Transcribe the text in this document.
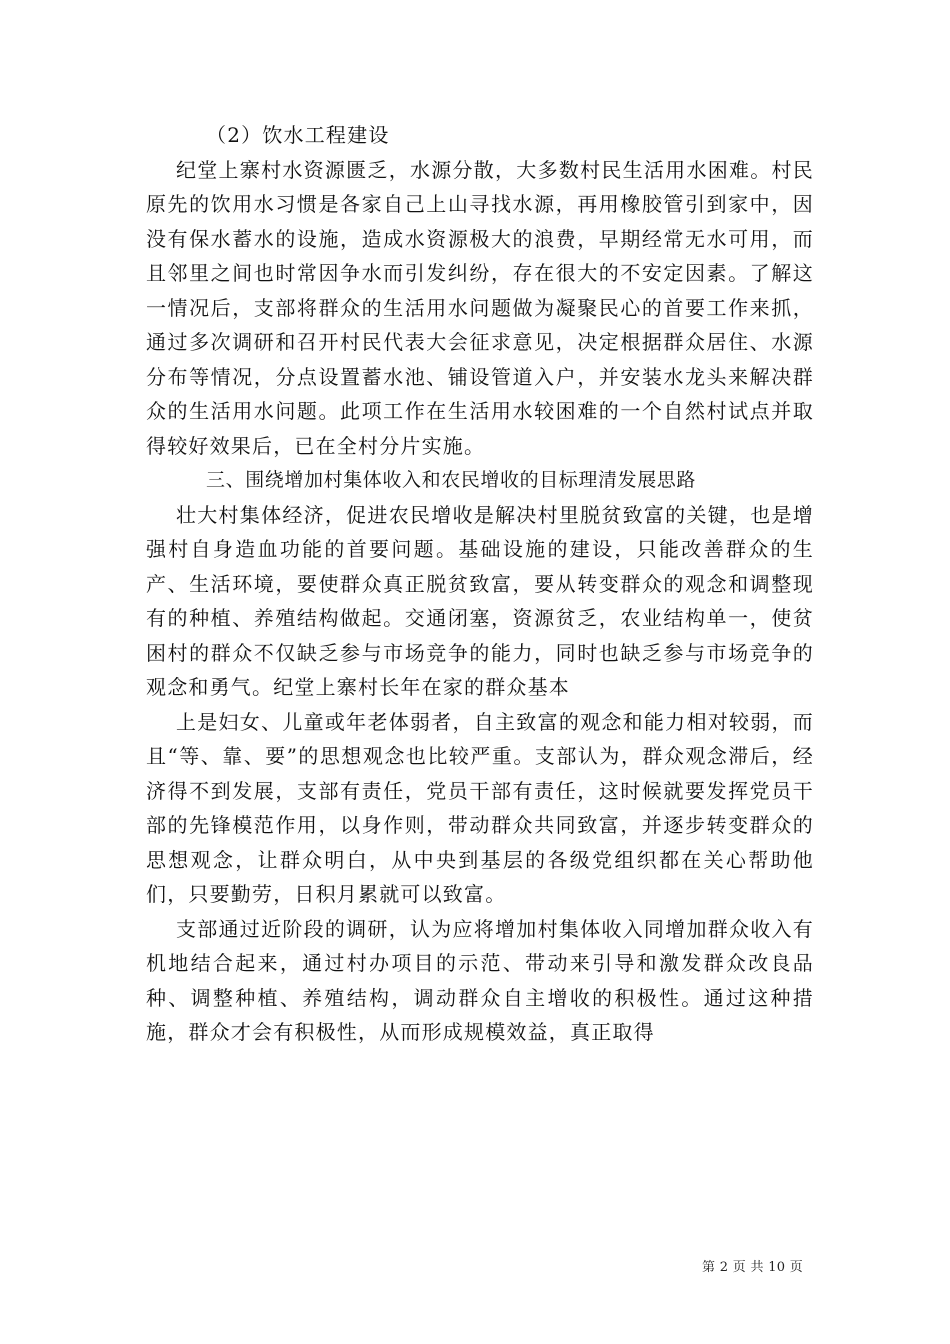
（2）饮水工程建设

纪堂上寨村水资源匮乏，水源分散，大多数村民生活用水困难。村民原先的饮用水习惯是各家自己上山寻找水源，再用橡胶管引到家中，因没有保水蓄水的设施，造成水资源极大的浪费，早期经常无水可用，而且邻里之间也时常因争水而引发纠纷，存在很大的不安定因素。了解这一情况后，支部将群众的生活用水问题做为凝聚民心的首要工作来抓，通过多次调研和召开村民代表大会征求意见，决定根据群众居住、水源分布等情况，分点设置蓄水池、铺设管道入户，并安装水龙头来解决群众的生活用水问题。此项工作在生活用水较困难的一个自然村试点并取得较好效果后，已在全村分片实施。

三、围绕增加村集体收入和农民增收的目标理清发展思路

壮大村集体经济，促进农民增收是解决村里脱贫致富的关键，也是增强村自身造血功能的首要问题。基础设施的建设，只能改善群众的生产、生活环境，要使群众真正脱贫致富，要从转变群众的观念和调整现有的种植、养殖结构做起。交通闭塞，资源贫乏，农业结构单一，使贫困村的群众不仅缺乏参与市场竞争的能力，同时也缺乏参与市场竞争的观念和勇气。纪堂上寨村长年在家的群众基本

上是妇女、儿童或年老体弱者，自主致富的观念和能力相对较弱，而且“等、靠、要”的思想观念也比较严重。支部认为，群众观念滞后，经济得不到发展，支部有责任，党员干部有责任，这时候就要发挥党员干部的先锋模范作用，以身作则，带动群众共同致富，并逐步转变群众的思想观念，让群众明白，从中央到基层的各级党组织都在关心帮助他们，只要勤劳，日积月累就可以致富。

支部通过近阶段的调研，认为应将增加村集体收入同增加群众收入有机地结合起来，通过村办项目的示范、带动来引导和激发群众改良品种、调整种植、养殖结构，调动群众自主增收的积极性。通过这种措施，群众才会有积极性，从而形成规模效益，真正取得

第 2 页 共 10 页
